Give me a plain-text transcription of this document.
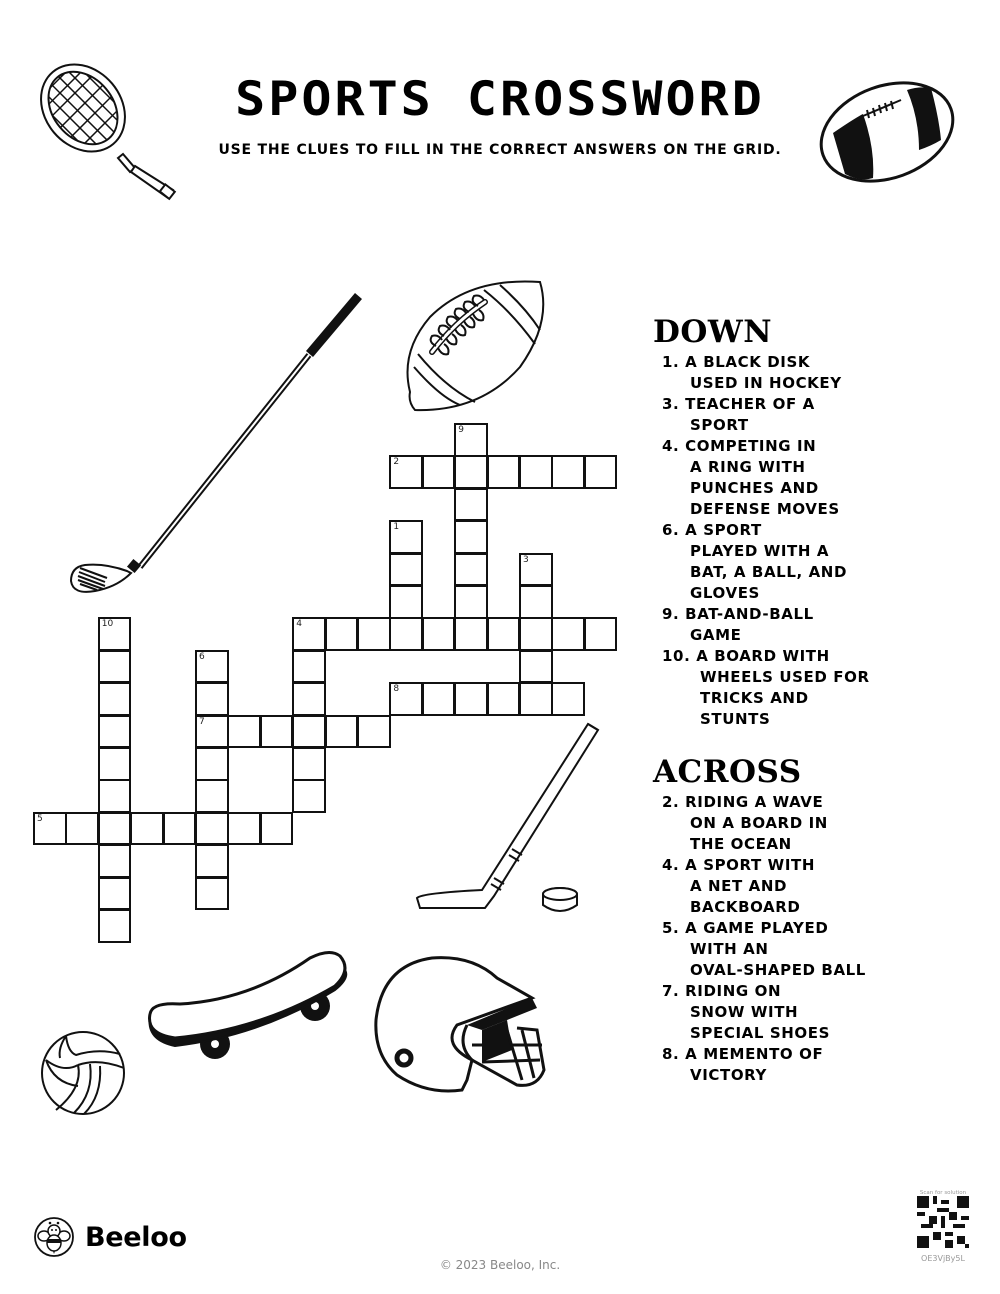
SPORTS CROSSWORD
USE THE CLUES TO FILL IN THE CORRECT ANSWERS ON THE GRID.
9
2
1
3
10	4
6
8
7
5
DOWN
1. A BLACK DISK
USED IN HOCKEY
3. TEACHER OF A
SPORT
4. COMPETING IN
A RING WITH
PUNCHES AND
DEFENSE MOVES
6. A SPORT
PLAYED WITH A
BAT, A BALL, AND
GLOVES
9. BAT-AND-BALL
GAME
10. A BOARD WITH
WHEELS USED FOR
TRICKS AND
STUNTS
ACROSS
2. RIDING A WAVE
ON A BOARD IN
THE OCEAN
4. A SPORT WITH
A NET AND
BACKBOARD
5. A GAME PLAYED
WITH AN
OVAL-SHAPED BALL
7. RIDING ON
SNOW WITH
SPECIAL SHOES
8. A MEMENTO OF
VICTORY
Beeloo
© 2023 Beeloo, Inc.
Scan for solution
OE3VjBy5L
